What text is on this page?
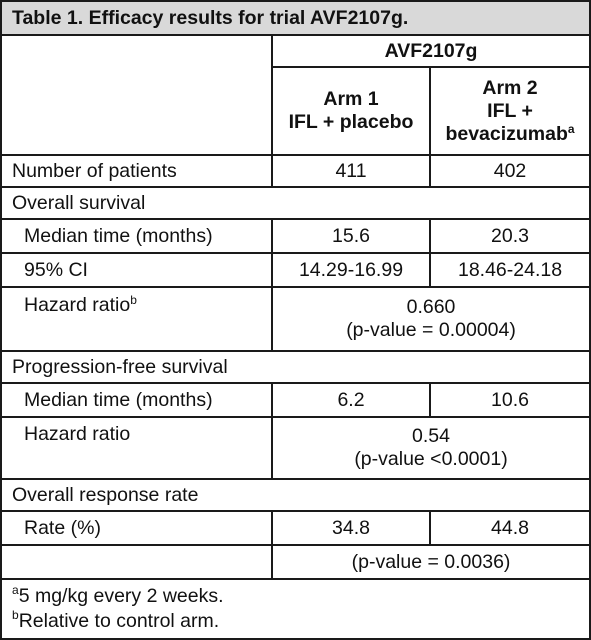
Table 1. Efficacy results for trial AVF2107g.		
	AVF2107g	
	Arm 1
IFL + placebo	Arm 2
IFL +
bevacizumab$^a$
Number of patients	411	402
Overall survival		
Median time (months)	15.6	20.3
95% CI	14.29-16.99	18.46-24.18
Hazard ratio$^b$	0.660
(p-value = 0.00004)	
Progression-free survival		
Median time (months)	6.2	10.6
Hazard ratio	0.54
(p-value <0.0001)	
Overall response rate		
Rate (%)	34.8	44.8
	(p-value = 0.0036)	

$^a$5 mg/kg every 2 weeks.
$^b$Relative to control arm.		
